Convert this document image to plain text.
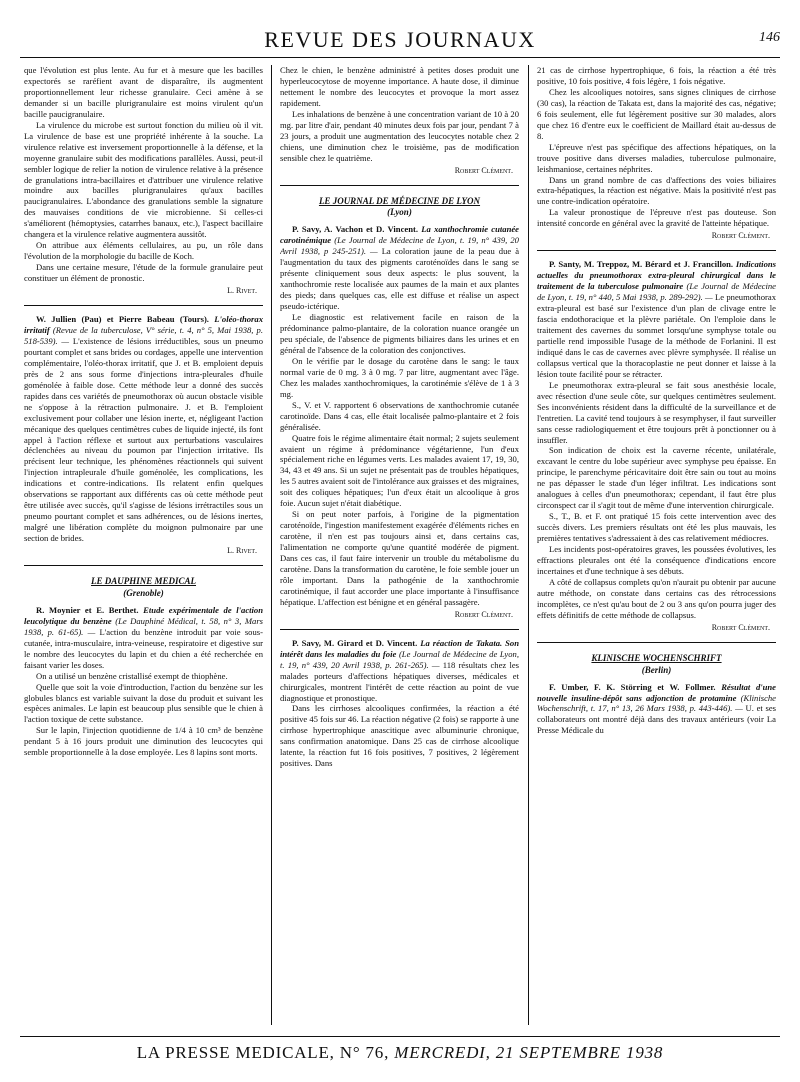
REVUE DES JOURNAUX	146

que l'évolution est plus lente. Au fur et à mesure que les bacilles expectorés se raréfient avant de disparaître, ils augmentent proportionnellement leur richesse granulaire. Ceci amène à se demander si un bacille plurigranulaire est moins virulent qu'un bacille paucigranulaire.

La virulence du microbe est surtout fonction du milieu où il vit. La virulence de base est une propriété inhérente à la souche. La virulence relative est inversement proportionnelle à la défense, et la moyenne granulaire subit des modifications parallèles. Aussi, peut-il sembler logique de relier la notion de virulence relative à la présence de granulations intra-bacillaires et d'attribuer une virulence relative moindre aux bacilles plurigranulaires qu'aux bacilles paucigranulaires. L'abondance des granulations semble la signature des mauvaises conditions de vie microbienne. Si celles-ci s'améliorent (hémoptysies, catarrhes banaux, etc.), l'aspect bacillaire changera et la virulence relative augmentera aussitôt.

On attribue aux éléments cellulaires, au pu, un rôle dans l'évolution de la morphologie du bacille de Koch.

Dans une certaine mesure, l'étude de la formule granulaire peut constituer un élément de pronostic.

L. Rivet.

W. Jullien (Pau) et Pierre Babeau (Tours). L'oléo-thorax irritatif (Revue de la tuberculose, V° série, t. 4, n° 5, Mai 1938, p. 518-539). — L'existence de lésions irréductibles, sous un pneumo pourtant complet et sans brides ou cordages, appelle une intervention complémentaire, l'oléo-thorax irritatif, que J. et B. emploient depuis près de 2 ans sous forme d'injections intra-pleurales d'huile goménolée à faible dose. Cette méthode leur a donné des succès rapides dans ces variétés de pneumothorax où aucun obstacle visible ne s'oppose à la rétraction pulmonaire. J. et B. l'emploient exclusivement pour collaber une lésion inerte, et, négligeant l'action mécanique des quelques centimètres cubes de liquide injecté, ils font appel à l'action réflexe et surtout aux perturbations vasculaires déclenchées au niveau du poumon par l'injection irritative. Ils précisent leur technique, les phénomènes réactionnels qui suivent l'injection intrapleurale d'huile goménolée, les complications, les indications et contre-indications. Ils relatent enfin quelques observations se rapportant aux différents cas où cette méthode peut être utilisée avec succès, qu'il s'agisse de lésions irrétractiles sous un pneumo pourtant complet et sans adhérences, ou de lésions inertes, malgré une libération complète du moignon pulmonaire par une section de brides.

L. Rivet.
LE DAUPHINE MEDICAL
(Grenoble)

R. Moynier et E. Berthet. Etude expérimentale de l'action leucolytique du benzène (Le Dauphiné Médical, t. 58, n° 3, Mars 1938, p. 61-65). — L'action du benzène introduit par voie sous-cutanée, intra-musculaire, intra-veineuse, respiratoire et digestive sur le nombre des leucocytes du lapin et du chien a été recherchée en faisant varier les doses.

On a utilisé un benzène cristallisé exempt de thiophène.

Quelle que soit la voie d'introduction, l'action du benzène sur les globules blancs est variable suivant la dose du produit et suivant les espèces animales. Le lapin est beaucoup plus sensible que le chien à l'action toxique de cette substance.

Sur le lapin, l'injection quotidienne de 1/4 à 10 cm³ de benzène pendant 5 à 16 jours produit une diminution des leucocytes qui semble proportionnelle à la dose employée. Les 8 lapins sont morts.

Chez le chien, le benzène administré à petites doses produit une hyperleucocytose de moyenne importance. A haute dose, il diminue nettement le nombre des leucocytes et provoque la mort assez rapidement.

Les inhalations de benzène à une concentration variant de 10 à 20 mg. par litre d'air, pendant 40 minutes deux fois par jour, pendant 7 à 23 jours, a produit une augmentation des leucocytes notable chez 2 chiens, une diminution chez le troisième, pas de modification sensible chez le quatrième.

Robert Clément.
LE JOURNAL DE MÉDECINE DE LYON
(Lyon)

P. Savy, A. Vachon et D. Vincent. La xanthochromie cutanée carotinémique (Le Journal de Médecine de Lyon, t. 19, n° 439, 20 Avril 1938, p 245-251). — La coloration jaune de la peau due à l'augmentation du taux des pigments caroténoïdes dans le sang se présente cliniquement sous deux aspects: le plus souvent, la xanthochromie reste localisée aux paumes de la main et aux plantes des pieds; dans quelques cas, elle est diffuse et réalise un aspect pseudo-ictérique.

Le diagnostic est relativement facile en raison de la prédominance palmo-plantaire, de la coloration nuance orangée un peu spéciale, de l'absence de pigments biliaires dans les urines et en général de l'absence de la coloration des conjonctives.

On le vérifie par le dosage du carotène dans le sang: le taux normal varie de 0 mg. 3 à 0 mg. 7 par litre, augmentant avec l'âge. Chez les malades xanthochromiques, la carotinémie s'élève de 1 à 3 mg.

S., V. et V. rapportent 6 observations de xanthochromie cutanée carotinoïde. Dans 4 cas, elle était localisée palmo-plantaire et 2 fois généralisée.

Quatre fois le régime alimentaire était normal; 2 sujets seulement avaient un régime à prédominance végétarienne, l'un d'eux spécialement riche en légumes verts. Les malades avaient 17, 19, 30, 34, 43 et 49 ans. Si un sujet ne présentait pas de troubles hépatiques, les 5 autres avaient soit de l'intolérance aux graisses et des migraines, soit des coliques hépatiques; l'un d'eux était un alcoolique à gros foie. Aucun sujet n'était diabétique.

Si on peut noter parfois, à l'origine de la pigmentation caroténoïde, l'ingestion manifestement exagérée d'éléments riches en carotène, il n'en est pas toujours ainsi et, dans certains cas, l'alimentation ne comporte qu'une quantité modérée de pigment. Dans ces cas, il faut faire intervenir un trouble du métabolisme du carotène. Dans la transformation du carotène, le foie semble jouer un rôle important. Dans la pathogénie de la xanthochromie carotinémique, il faut accorder une place importante à l'insuffisance hépatique. L'affection est bénigne et en général passagère.

Robert Clément.

P. Savy, M. Girard et D. Vincent. La réaction de Takata. Son intérêt dans les maladies du foie (Le Journal de Médecine de Lyon, t. 19, n° 439, 20 Avril 1938, p. 261-265). — 118 résultats chez les malades porteurs d'affections hépatiques diverses, médicales et chirurgicales, montrent l'intérêt de cette réaction au point de vue diagnostique et pronostique.

Dans les cirrhoses alcooliques confirmées, la réaction a été positive 45 fois sur 46. La réaction négative (2 fois) se rapporte à une cirrhose hypertrophique anascitique avec albuminurie chronique, sans confirmation anatomique. Dans 25 cas de cirrhose alcoolique latente, la réaction fut 16 fois positives, 7 positives, 2 légèrement positives. Dans

21 cas de cirrhose hypertrophique, 6 fois, la réaction a été très positive, 10 fois positive, 4 fois légère, 1 fois négative.

Chez les alcooliques notoires, sans signes cliniques de cirrhose (30 cas), la réaction de Takata est, dans la majorité des cas, négative; 6 fois seulement, elle fut légèrement positive sur 30 malades, alors que chez 16 d'entre eux le coefficient de Maillard était au-dessus de 8.

L'épreuve n'est pas spécifique des affections hépatiques, on la trouve positive dans diverses maladies, tuberculose pulmonaire, leishmaniose, certaines néphrites.

Dans un grand nombre de cas d'affections des voies biliaires extra-hépatiques, la réaction est négative. Mais la positivité n'est pas une contre-indication opératoire.

La valeur pronostique de l'épreuve n'est pas douteuse. Son intensité concorde en général avec la gravité de l'atteinte hépatique.

Robert Clément.

P. Santy, M. Treppoz, M. Bérard et J. Francillon. Indications actuelles du pneumothorax extra-pleural chirurgical dans le traitement de la tuberculose pulmonaire (Le Journal de Médecine de Lyon, t. 19, n° 440, 5 Mai 1938, p. 289-292). — Le pneumothorax extra-pleural est basé sur l'existence d'un plan de clivage entre le fascia endothoracique et la plèvre pariétale. On l'emploie dans le traitement des cavernes du sommet lorsqu'une symphyse totale ou partielle rend impossible l'usage de la méthode de Forlanini. Il est indiqué dans le cas de cavernes avec plèvre symphysée. Il réalise un collapsus vertical que la thoracoplastie ne peut donner et laisse à la lésion toute facilité pour se rétracter.

Le pneumothorax extra-pleural se fait sous anesthésie locale, avec résection d'une seule côte, sur quelques centimètres seulement. Ses inconvénients résident dans la difficulté de la surveillance et de l'entretien. La cavité tend toujours à se resymphyser, il faut surveiller sans cesse radiologiquement et être toujours prêt à ponctionner ou à insuffler.

Son indication de choix est la caverne récente, unilatérale, excavant le centre du lobe supérieur avec symphyse peu épaisse. En principe, le parenchyme péricavitaire doit être sain ou tout au moins ne pas dépasser le stade d'un léger infiltrat. Les indications sont analogues à celles d'un pneumothorax; cependant, il faut être plus circonspect car il s'agit tout de même d'une intervention chirurgicale.

S., T., B. et F. ont pratiqué 15 fois cette intervention avec des succès divers. Les premiers résultats ont été les plus mauvais, les premières tentatives s'adressaient à des cas relativement médiocres.

Les incidents post-opératoires graves, les poussées évolutives, les effractions pleurales ont été la conséquence d'indications encore incertaines et d'une technique à ses débuts.

A côté de collapsus complets qu'on n'aurait pu obtenir par aucune autre méthode, on constate dans certains cas des rétrocessions incomplètes, ce n'est qu'au bout de 2 ou 3 ans qu'on pourra juger des effets définitifs de cette méthode de collapsus.

Robert Clément.
KLINISCHE WOCHENSCHRIFT
(Berlin)

F. Umber, F. K. Störring et W. Follmer. Résultat d'une nouvelle insuline-dépôt sans adjonction de protamine (Klinische Wochenschrift, t. 17, n° 13, 26 Mars 1938, p. 443-446). — U. et ses collaborateurs ont montré déjà dans des travaux antérieurs (voir La Presse Médicale du

LA PRESSE MEDICALE, N° 76, MERCREDI, 21 SEPTEMBRE 1938
